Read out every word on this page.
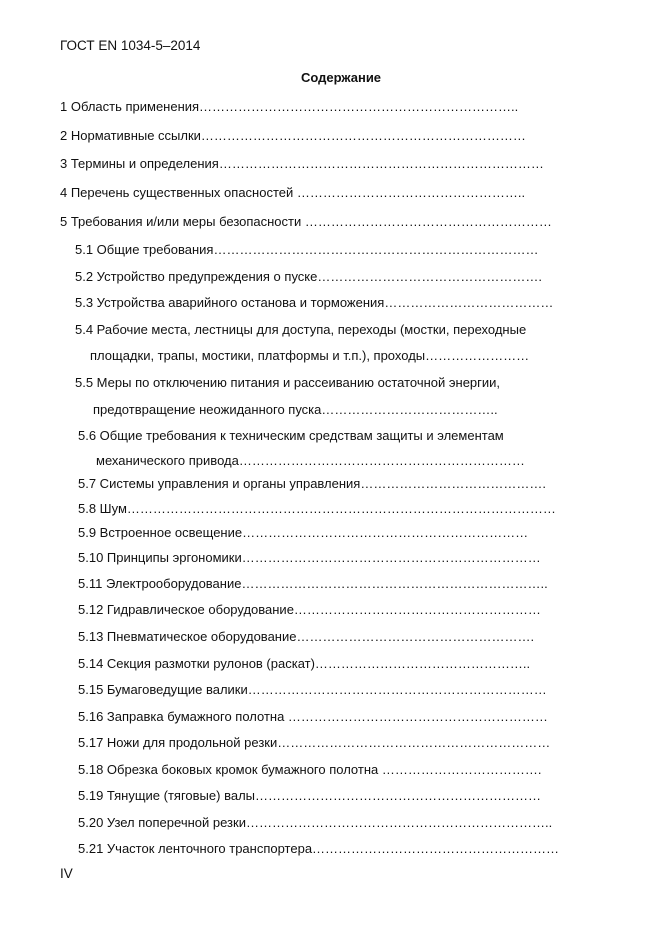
ГОСТ EN 1034-5–2014
Содержание
1 Область применения………………………………………………………………..
2 Нормативные ссылки…………………………………………………………………
3 Термины и определения…………………………………………………………………
4 Перечень существенных опасностей ……………………………………………..
5 Требования и/или меры безопасности …………………………………………………
5.1 Общие требования…………………………………………………………………
5.2 Устройство предупреждения о пуске…………………………………………….
5.3 Устройства аварийного останова и торможения…………………………………
5.4 Рабочие места, лестницы для доступа, переходы (мостки, переходные
площадки, трапы, мостики, платформы и т.п.), проходы……………………
5.5 Меры по отключению питания и рассеиванию остаточной энергии,
предотвращение неожиданного пуска…………………………………..
5.6 Общие требования к техническим средствам защиты и элементам
механического привода…………………………………………………………
5.7 Системы управления и органы управления…………………………………….
5.8 Шум………………………………………………………………………………………
5.9 Встроенное освещение…………………………………………………………
5.10 Принципы эргономики……………………………………………………………
5.11 Электрооборудование……………………………………………………………..
5.12 Гидравлическое оборудование…………………………………………………
5.13 Пневматическое оборудование……………………………………………….
5.14 Секция размотки рулонов (раскат)…………………………………………..
5.15 Бумаговедущие валики……………………………………………………………
5.16 Заправка бумажного полотна ……………………………………………………
5.17 Ножи для продольной резки………………………………………………………
5.18 Обрезка боковых кромок бумажного полотна ……………………………….
5.19 Тянущие (тяговые) валы…………………………………………………………
5.20 Узел поперечной резки……………………………………………………………..
5.21 Участок ленточного транспортера…………………………………………………
IV
